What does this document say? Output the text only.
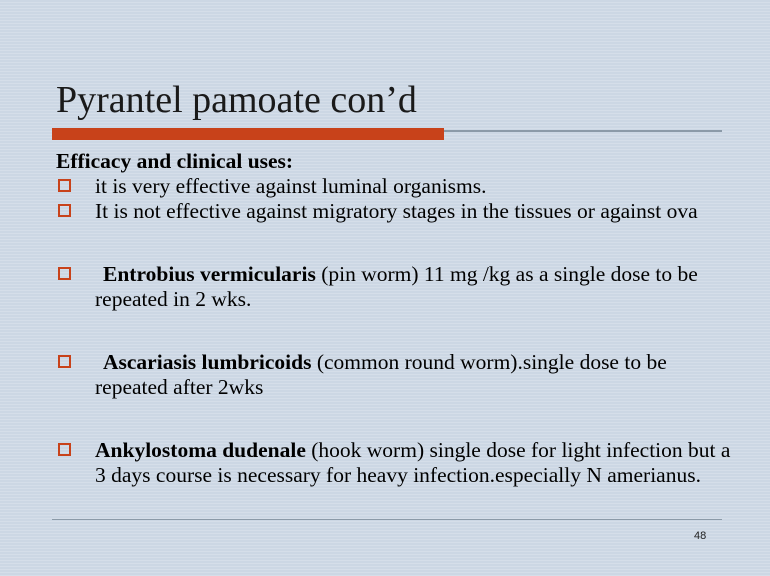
Pyrantel pamoate con’d
Efficacy and clinical uses:
it is very effective against luminal organisms.
It is not effective against migratory stages in the tissues or against ova
Entrobius vermicularis (pin worm) 11 mg /kg as a single dose to be repeated in 2 wks.
Ascariasis lumbricoids (common round worm).single dose to be repeated after 2wks
Ankylostoma dudenale (hook worm) single dose for light infection but a 3 days course is necessary for heavy infection.especially N amerianus.
48
